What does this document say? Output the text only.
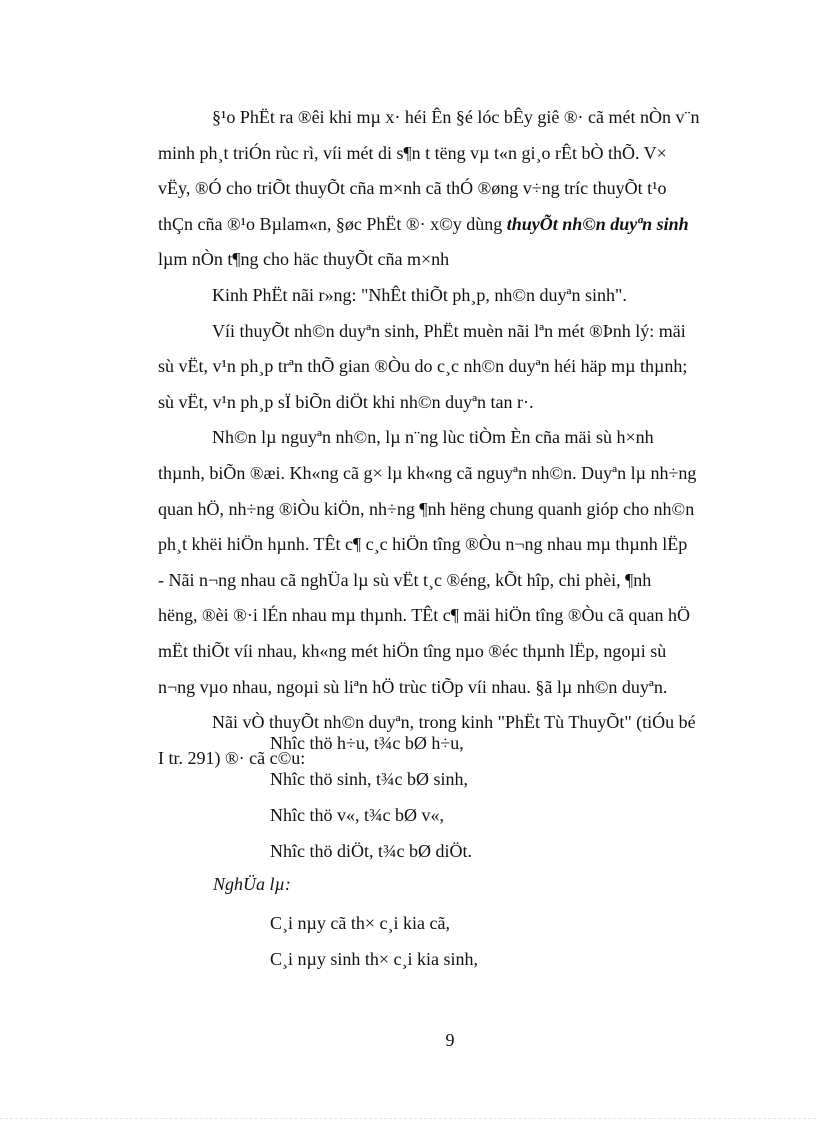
§¹o PhËt ra ®êi khi mµ x· héi Ên §é lóc bÊy giê ®· cã mét nÒn v¨n
minh ph¸t triÓn rùc rì, víi mét di s¶n t tëng vµ t«n gi¸o rÊt bÒ thÕ. V×
vËy, ®Ó cho triÕt thuyÕt cña m×nh cã thÓ ®øng v÷ng tríc thuyÕt t¹o
thÇn cña ®¹o Bµlam«n, §øc PhËt ®· x©y dùng thuyÕt nh©n duyªn sinh
lµm nÒn t¶ng cho häc thuyÕt cña m×nh

Kinh PhËt nãi r»ng: "NhÊt thiÕt ph¸p, nh©n duyªn sinh".

Víi thuyÕt nh©n duyªn sinh, PhËt muèn nãi lªn mét ®Þnh lý: mäi
sù vËt, v¹n ph¸p trªn thÕ gian ®Òu do c¸c nh©n duyªn héi häp mµ thµnh;
sù vËt, v¹n ph¸p sÏ biÕn diÖt khi nh©n duyªn tan r·.

Nh©n lµ nguyªn nh©n, lµ n¨ng lùc tiÒm Èn cña mäi sù h×nh
thµnh, biÕn ®æi. Kh«ng cã g× lµ kh«ng cã nguyªn nh©n. Duyªn lµ nh÷ng
quan hÖ, nh÷ng ®iÒu kiÖn, nh÷ng ¶nh hëng chung quanh gióp cho nh©n
ph¸t khëi hiÖn hµnh. TÊt c¶ c¸c hiÖn tîng ®Òu n¬ng nhau mµ thµnh lËp
- Nãi n¬ng nhau cã nghÜa lµ sù vËt t¸c ®éng, kÕt hîp, chi phèi, ¶nh
hëng, ®èi ®·i lÉn nhau mµ thµnh. TÊt c¶ mäi hiÖn tîng ®Òu cã quan hÖ
mËt thiÕt víi nhau, kh«ng mét hiÖn tîng nµo ®éc thµnh lËp, ngoµi sù
n¬ng vµo nhau, ngoµi sù liªn hÖ trùc tiÕp víi nhau. §ã lµ nh©n duyªn.

Nãi vÒ thuyÕt nh©n duyªn, trong kinh "PhËt Tù ThuyÕt" (tiÓu bé
I tr. 291) ®· cã c©u:

Nhîc thö h÷u, t¾c bØ h÷u,
Nhîc thö sinh, t¾c bØ sinh,
Nhîc thö v«, t¾c bØ v«,
Nhîc thö diÖt, t¾c bØ diÖt.
NghÜa lµ:
C¸i nµy cã th× c¸i kia cã,
C¸i nµy sinh th× c¸i kia sinh,
9
